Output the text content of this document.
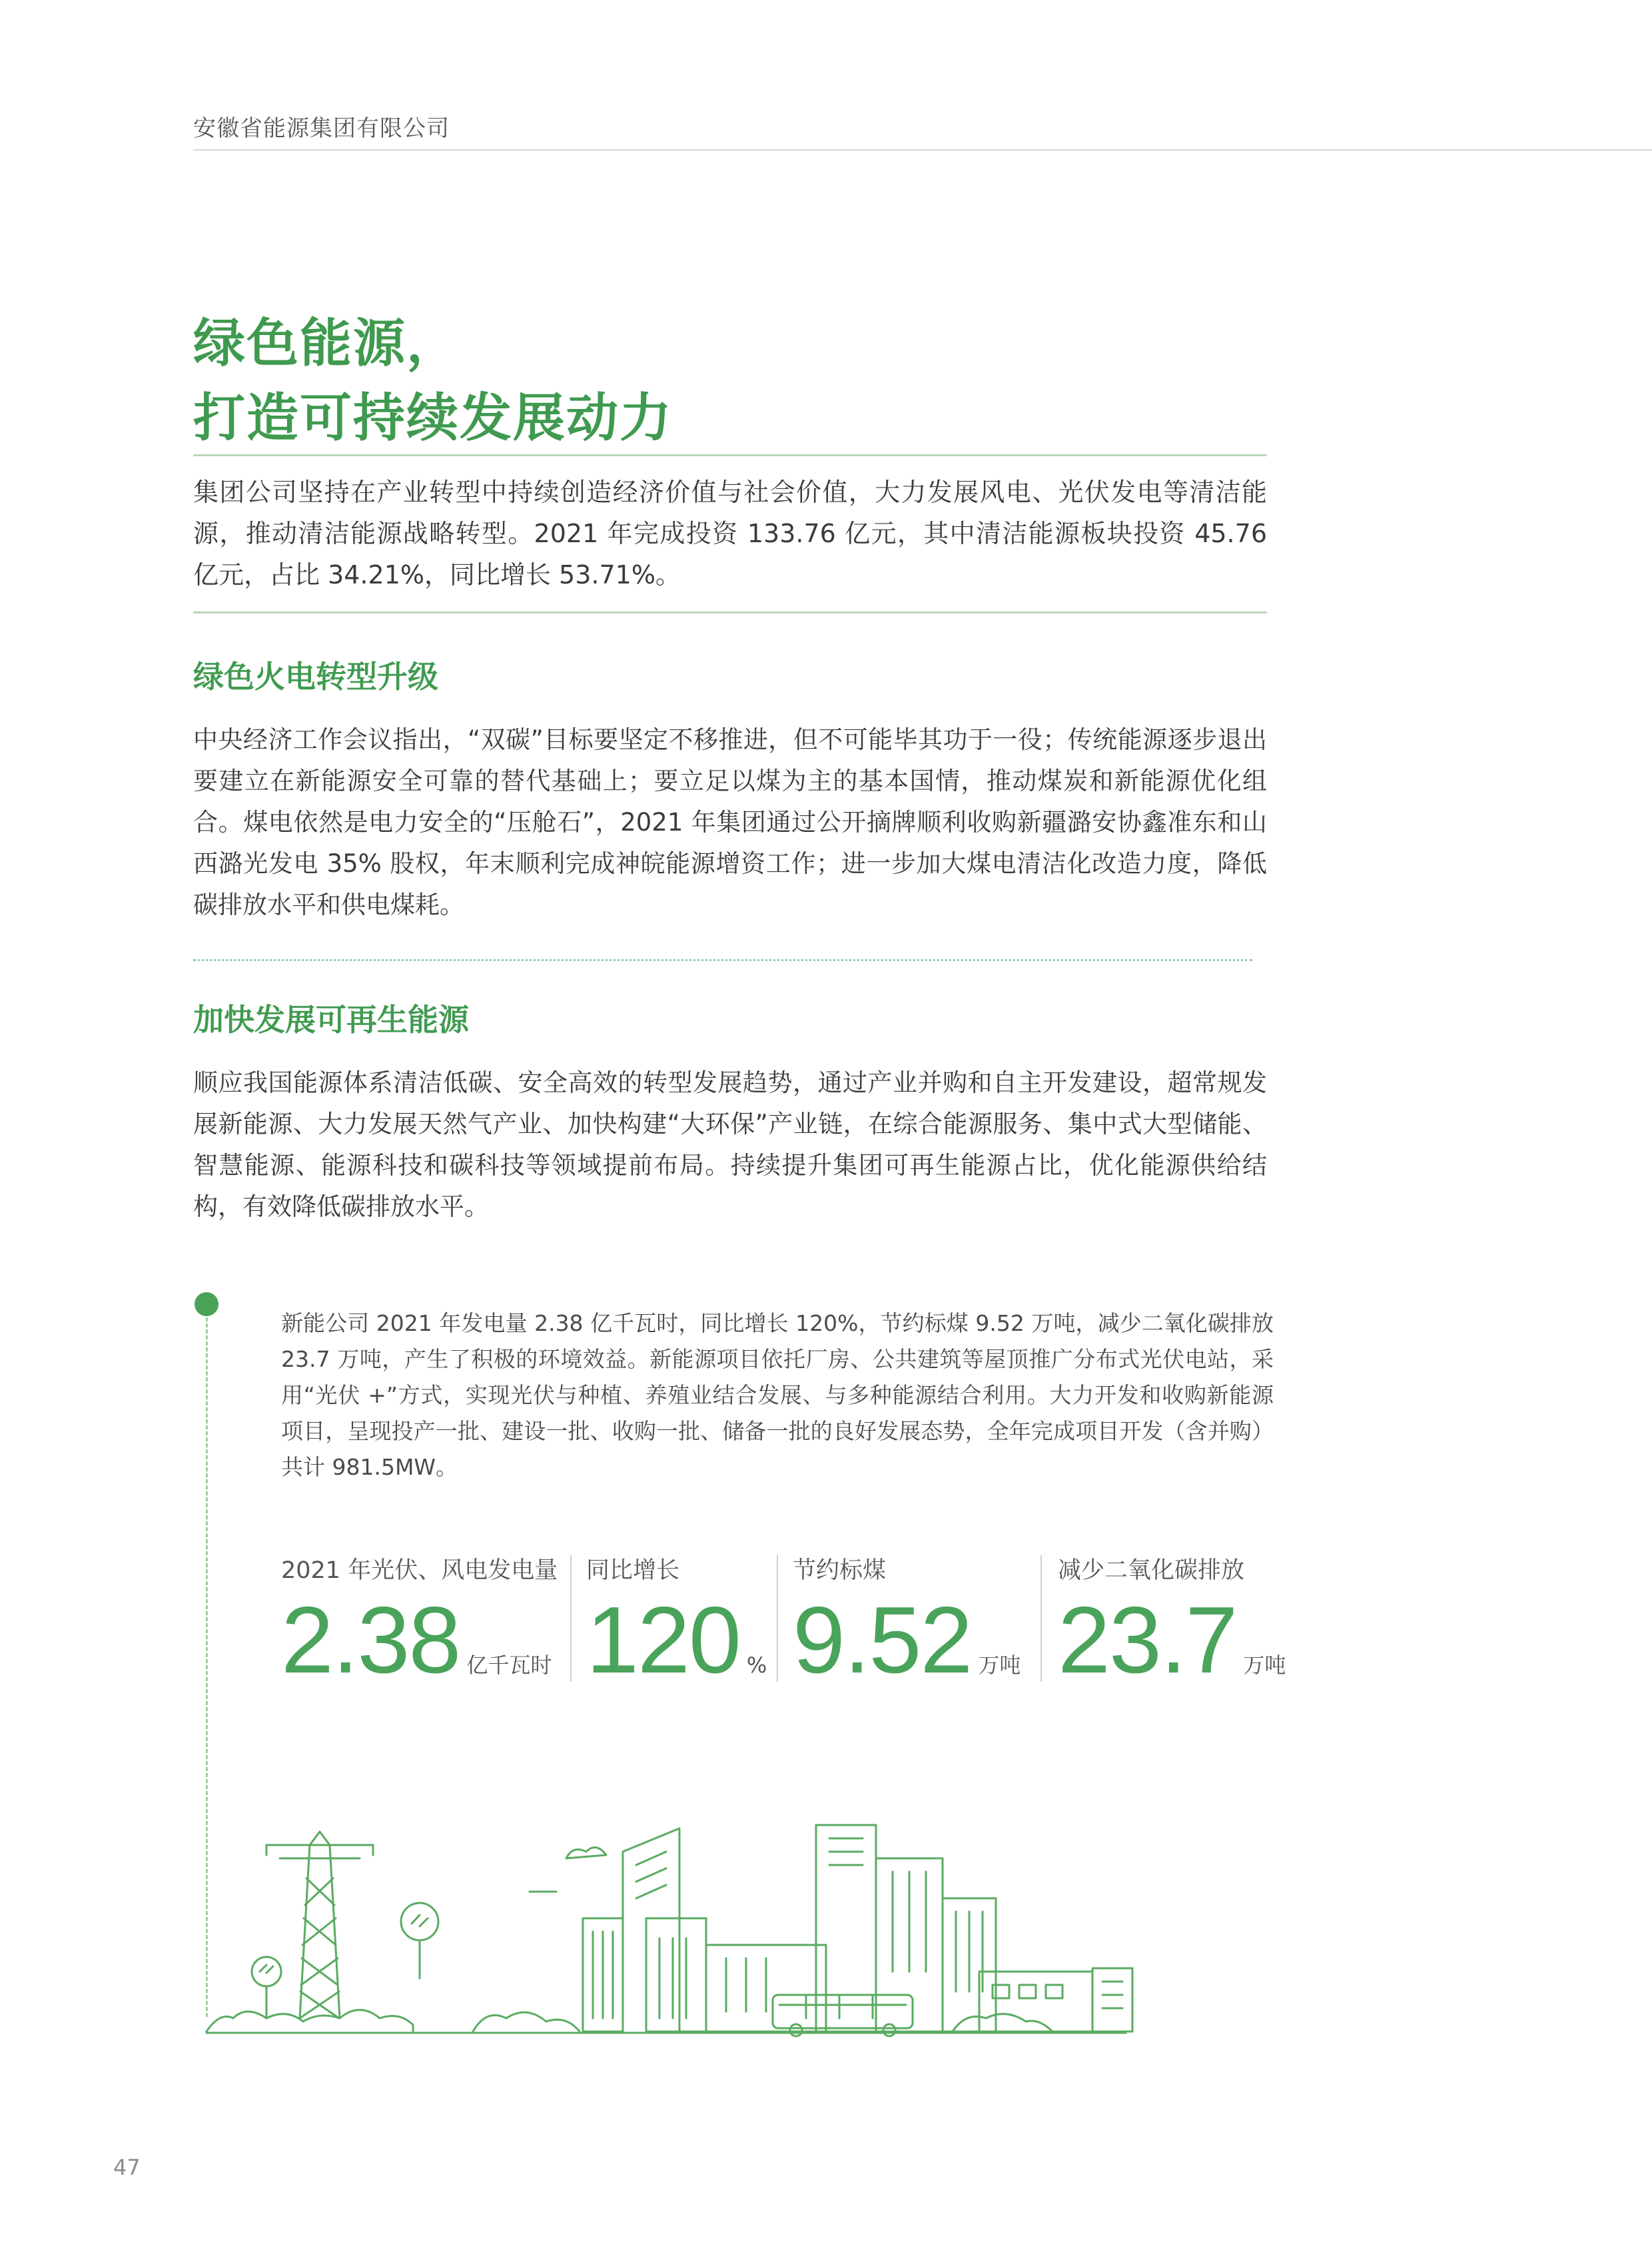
安徽省能源集团有限公司
绿色能源，
打造可持续发展动力
集团公司坚持在产业转型中持续创造经济价值与社会价值，大力发展风电、光伏发电等清洁能源，推动清洁能源战略转型。2021 年完成投资 133.76 亿元，其中清洁能源板块投资 45.76 亿元，占比 34.21%，同比增长 53.71%。
绿色火电转型升级
中央经济工作会议指出，“双碳”目标要坚定不移推进，但不可能毕其功于一役；传统能源逐步退出要建立在新能源安全可靠的替代基础上；要立足以煤为主的基本国情，推动煤炭和新能源优化组合。煤电依然是电力安全的“压舱石”，2021 年集团通过公开摘牌顺利收购新疆潞安协鑫准东和山西潞光发电 35% 股权，年末顺利完成神皖能源增资工作；进一步加大煤电清洁化改造力度，降低碳排放水平和供电煤耗。
加快发展可再生能源
顺应我国能源体系清洁低碳、安全高效的转型发展趋势，通过产业并购和自主开发建设，超常规发展新能源、大力发展天然气产业、加快构建“大环保”产业链，在综合能源服务、集中式大型储能、智慧能源、能源科技和碳科技等领域提前布局。持续提升集团可再生能源占比，优化能源供给结构，有效降低碳排放水平。
新能公司 2021 年发电量 2.38 亿千瓦时，同比增长 120%，节约标煤 9.52 万吨，减少二氧化碳排放 23.7 万吨，产生了积极的环境效益。新能源项目依托厂房、公共建筑等屋顶推广分布式光伏电站，采用“光伏 +”方式，实现光伏与种植、养殖业结合发展、与多种能源结合利用。大力开发和收购新能源项目，呈现投产一批、建设一批、收购一批、储备一批的良好发展态势，全年完成项目开发（含并购）共计 981.5MW。
2021 年光伏、风电发电量
2.38 亿千瓦时
同比增长
120 %
节约标煤
9.52 万吨
减少二氧化碳排放
23.7 万吨
47
